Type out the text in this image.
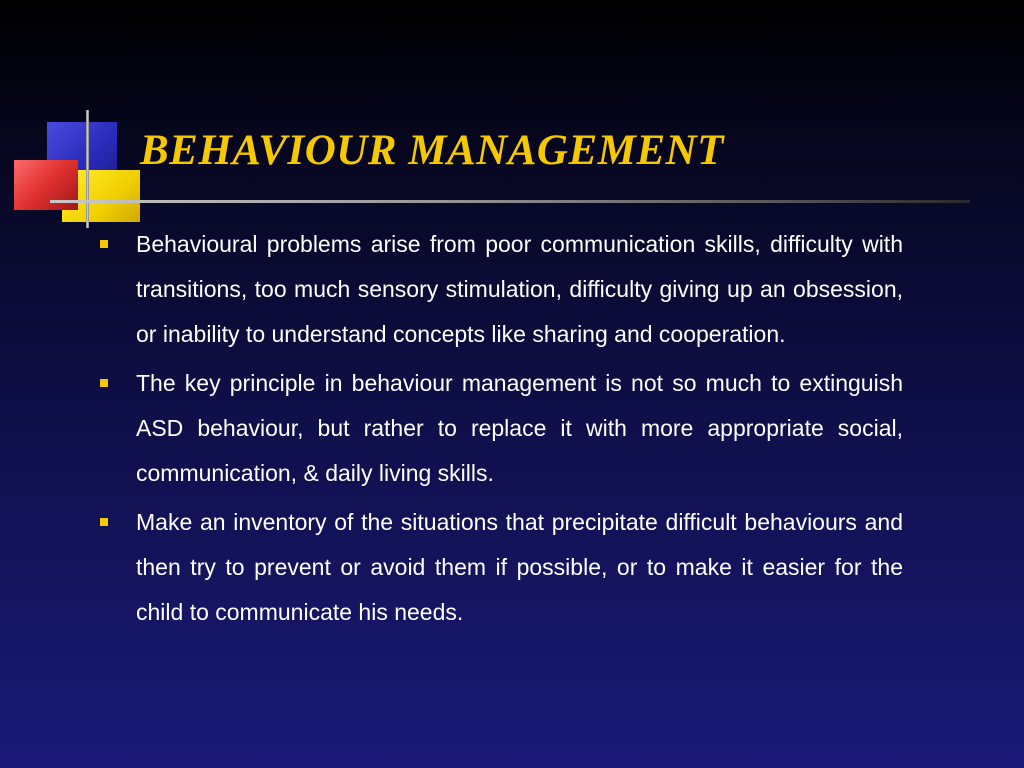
BEHAVIOUR MANAGEMENT
Behavioural problems arise from poor communication skills, difficulty with transitions, too much sensory stimulation, difficulty giving up an obsession, or inability to understand concepts like sharing and cooperation.
The key principle in behaviour management is not so much to extinguish ASD behaviour, but rather to replace it with more appropriate social, communication, & daily living skills.
Make an inventory of the situations that precipitate difficult behaviours and then try to prevent or avoid them if possible, or to make it easier for the child to communicate his needs.
